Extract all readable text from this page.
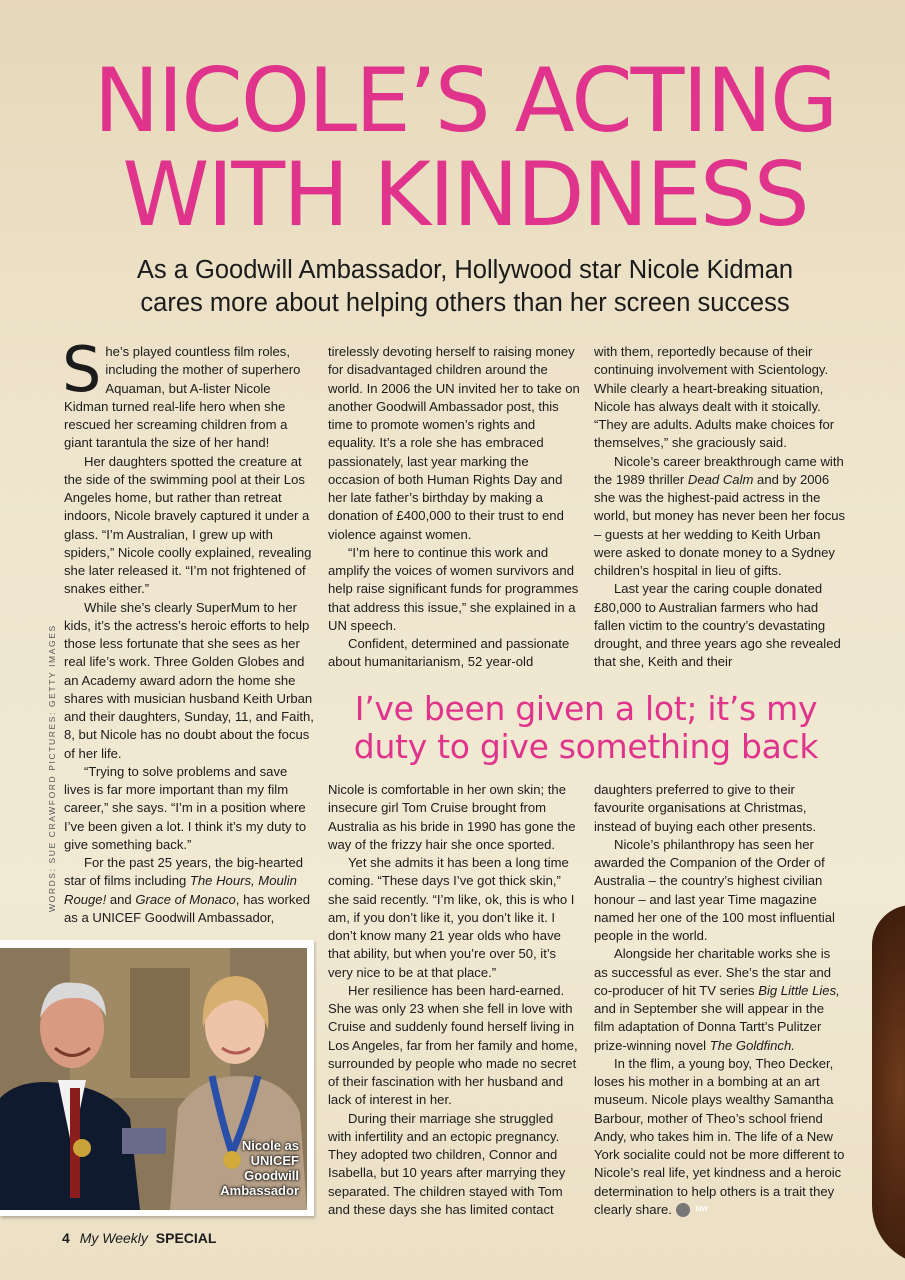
NICOLE’S ACTING
WITH KINDNESS

As a Goodwill Ambassador, Hollywood star Nicole Kidman
cares more about helping others than her screen success

WORDS: SUE CRAWFORD PICTURES: GETTY IMAGES

She’s played countless film roles, including the mother of superhero Aquaman, but A-lister Nicole Kidman turned real-life hero when she rescued her screaming children from a giant tarantula the size of her hand!

Her daughters spotted the creature at the side of the swimming pool at their Los Angeles home, but rather than retreat indoors, Nicole bravely captured it under a glass. “I’m Australian, I grew up with spiders,” Nicole coolly explained, revealing she later released it. “I’m not frightened of snakes either.”

While she’s clearly SuperMum to her kids, it’s the actress’s heroic efforts to help those less fortunate that she sees as her real life’s work. Three Golden Globes and an Academy award adorn the home she shares with musician husband Keith Urban and their daughters, Sunday, 11, and Faith, 8, but Nicole has no doubt about the focus of her life.

“Trying to solve problems and save lives is far more important than my film career,” she says. “I’m in a position where I’ve been given a lot. I think it’s my duty to give something back.”

For the past 25 years, the big-hearted star of films including The Hours, Moulin Rouge! and Grace of Monaco, has worked as a UNICEF Goodwill Ambassador,

tirelessly devoting herself to raising money for disadvantaged children around the world. In 2006 the UN invited her to take on another Goodwill Ambassador post, this time to promote women’s rights and equality. It’s a role she has embraced passionately, last year marking the occasion of both Human Rights Day and her late father’s birthday by making a donation of £400,000 to their trust to end violence against women.

“I’m here to continue this work and amplify the voices of women survivors and help raise significant funds for programmes that address this issue,” she explained in a UN speech.

Confident, determined and passionate about humanitarianism, 52 year-old

with them, reportedly because of their continuing involvement with Scientology. While clearly a heart-breaking situation, Nicole has always dealt with it stoically. “They are adults. Adults make choices for themselves,” she graciously said.

Nicole’s career breakthrough came with the 1989 thriller Dead Calm and by 2006 she was the highest-paid actress in the world, but money has never been her focus – guests at her wedding to Keith Urban were asked to donate money to a Sydney children’s hospital in lieu of gifts.

Last year the caring couple donated £80,000 to Australian farmers who had fallen victim to the country’s devastating drought, and three years ago she revealed that she, Keith and their

I’ve been given a lot; it’s my
duty to give something back

Nicole is comfortable in her own skin; the insecure girl Tom Cruise brought from Australia as his bride in 1990 has gone the way of the frizzy hair she once sported.

Yet she admits it has been a long time coming. “These days I’ve got thick skin,” she said recently. “I’m like, ok, this is who I am, if you don’t like it, you don’t like it. I don’t know many 21 year olds who have that ability, but when you’re over 50, it’s very nice to be at that place.”

Her resilience has been hard-earned. She was only 23 when she fell in love with Cruise and suddenly found herself living in Los Angeles, far from her family and home, surrounded by people who made no secret of their fascination with her husband and lack of interest in her.

During their marriage she struggled with infertility and an ectopic pregnancy. They adopted two children, Connor and Isabella, but 10 years after marrying they separated. The children stayed with Tom and these days she has limited contact

daughters preferred to give to their favourite organisations at Christmas, instead of buying each other presents.

Nicole’s philanthropy has seen her awarded the Companion of the Order of Australia – the country’s highest civilian honour – and last year Time magazine named her one of the 100 most influential people in the world.

Alongside her charitable works she is as successful as ever. She’s the star and co-producer of hit TV series Big Little Lies, and in September she will appear in the film adaptation of Donna Tartt’s Pulitzer prize-winning novel The Goldfinch.

In the flim, a young boy, Theo Decker, loses his mother in a bombing at an art museum. Nicole plays wealthy Samantha Barbour, mother of Theo’s school friend Andy, who takes him in. The life of a New York socialite could not be more different to Nicole’s real life, yet kindness and a heroic determination to help others is a trait they clearly share.	MW

Nicole as
UNICEF
Goodwill
Ambassador
4 My Weekly SPECIAL
